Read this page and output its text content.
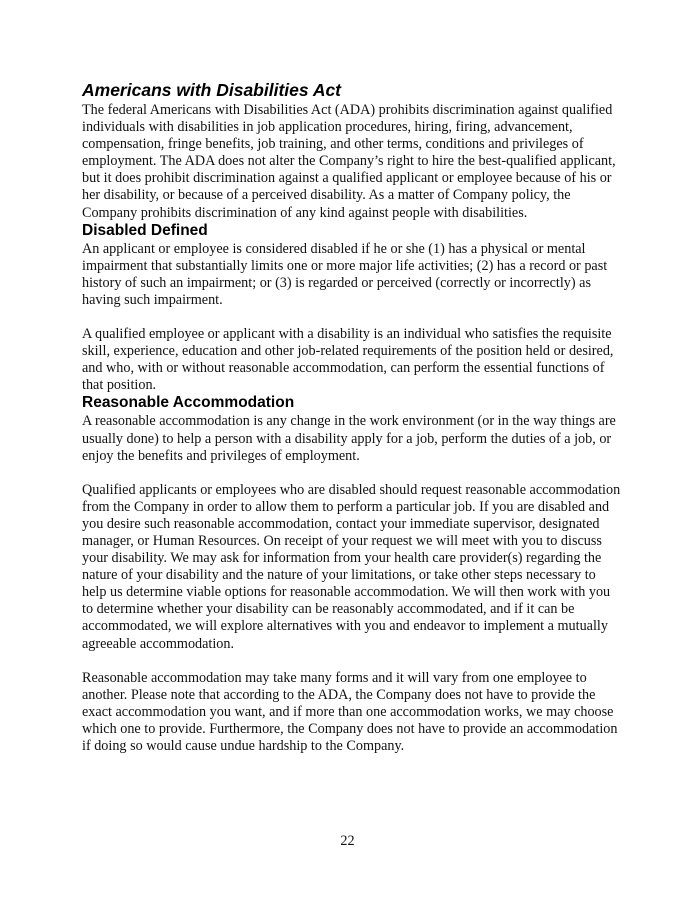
Americans with Disabilities Act

The federal Americans with Disabilities Act (ADA) prohibits discrimination against qualified individuals with disabilities in job application procedures, hiring, firing, advancement, compensation, fringe benefits, job training, and other terms, conditions and privileges of employment. The ADA does not alter the Company’s right to hire the best-qualified applicant, but it does prohibit discrimination against a qualified applicant or employee because of his or her disability, or because of a perceived disability. As a matter of Company policy, the Company prohibits discrimination of any kind against people with disabilities.

Disabled Defined

An applicant or employee is considered disabled if he or she (1) has a physical or mental impairment that substantially limits one or more major life activities; (2) has a record or past history of such an impairment; or (3) is regarded or perceived (correctly or incorrectly) as having such impairment.

A qualified employee or applicant with a disability is an individual who satisfies the requisite skill, experience, education and other job-related requirements of the position held or desired, and who, with or without reasonable accommodation, can perform the essential functions of that position.

Reasonable Accommodation

A reasonable accommodation is any change in the work environment (or in the way things are usually done) to help a person with a disability apply for a job, perform the duties of a job, or enjoy the benefits and privileges of employment.

Qualified applicants or employees who are disabled should request reasonable accommodation from the Company in order to allow them to perform a particular job. If you are disabled and you desire such reasonable accommodation, contact your immediate supervisor, designated manager, or Human Resources. On receipt of your request we will meet with you to discuss your disability. We may ask for information from your health care provider(s) regarding the nature of your disability and the nature of your limitations, or take other steps necessary to help us determine viable options for reasonable accommodation. We will then work with you to determine whether your disability can be reasonably accommodated, and if it can be accommodated, we will explore alternatives with you and endeavor to implement a mutually agreeable accommodation.

Reasonable accommodation may take many forms and it will vary from one employee to another. Please note that according to the ADA, the Company does not have to provide the exact accommodation you want, and if more than one accommodation works, we may choose which one to provide. Furthermore, the Company does not have to provide an accommodation if doing so would cause undue hardship to the Company.

22
